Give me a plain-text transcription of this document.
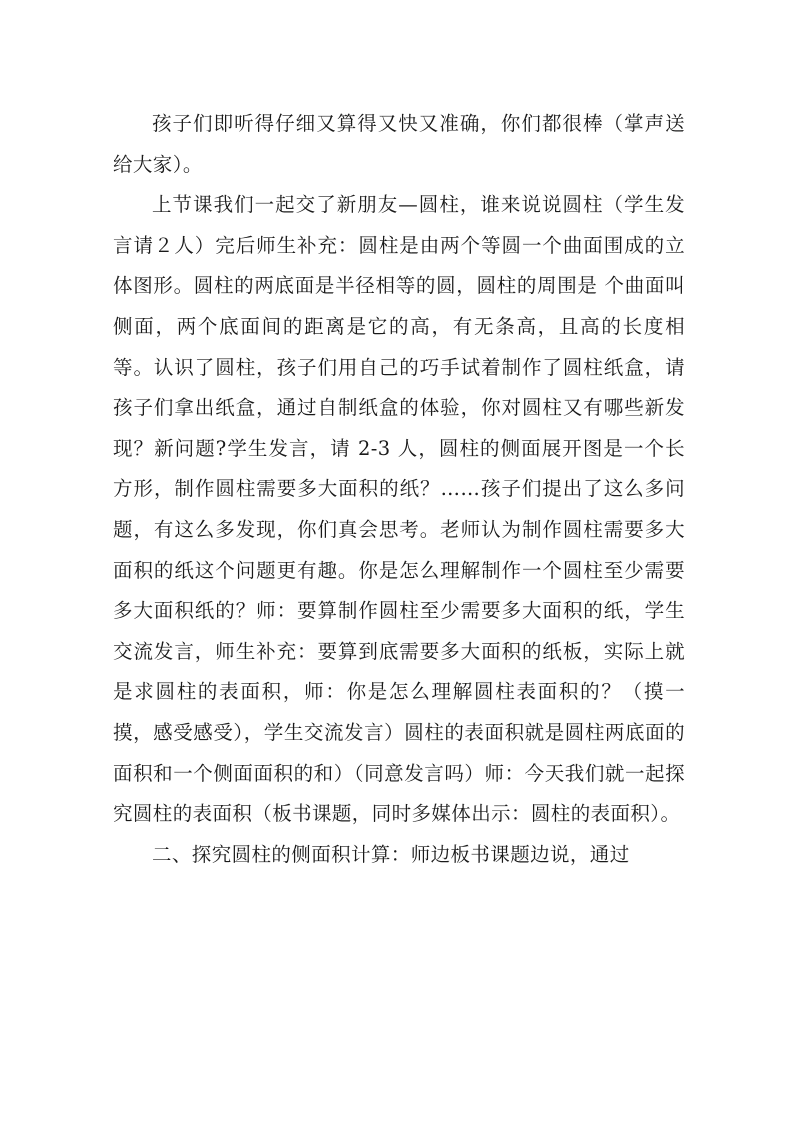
孩子们即听得仔细又算得又快又准确，你们都很棒（掌声送给大家）。

上节课我们一起交了新朋友—圆柱，谁来说说圆柱（学生发言请２人）完后师生补充：圆柱是由两个等圆一个曲面围成的立体图形。圆柱的两底面是半径相等的圆，圆柱的周围是 个曲面叫侧面，两个底面间的距离是它的高，有无条高，且高的长度相等。认识了圆柱，孩子们用自己的巧手试着制作了圆柱纸盒，请孩子们拿出纸盒，通过自制纸盒的体验，你对圆柱又有哪些新发现？新问题?学生发言，请 2-3 人，圆柱的侧面展开图是一个长方形，制作圆柱需要多大面积的纸？……孩子们提出了这么多问题，有这么多发现，你们真会思考。老师认为制作圆柱需要多大面积的纸这个问题更有趣。你是怎么理解制作一个圆柱至少需要多大面积纸的？师：要算制作圆柱至少需要多大面积的纸，学生交流发言，师生补充：要算到底需要多大面积的纸板，实际上就是求圆柱的表面积，师：你是怎么理解圆柱表面积的？（摸一摸，感受感受），学生交流发言）圆柱的表面积就是圆柱两底面的面积和一个侧面面积的和）（同意发言吗）师：今天我们就一起探究圆柱的表面积（板书课题，同时多媒体出示：圆柱的表面积）。

二、探究圆柱的侧面积计算：师边板书课题边说，通过
